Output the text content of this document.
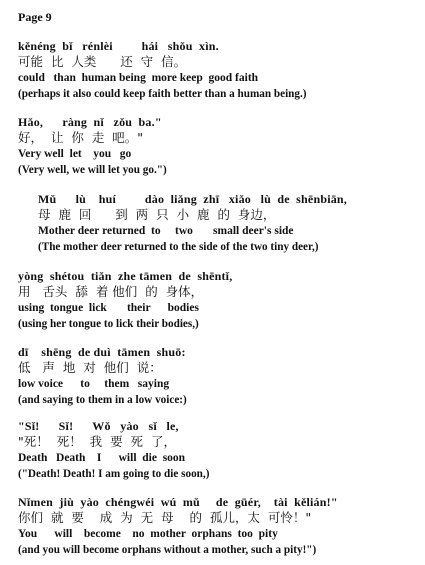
Page 9
kěnéng  bǐ   rénlèi         hái   shǒu  xìn.
可能  比  人类      还  守  信。
could   than  human being  more keep  good faith
(perhaps it also could keep faith better than a human being.)
Hǎo,      ràng  nǐ   zǒu  ba."
好，  让  你  走  吧。"
Very well  let    you   go
(Very well, we will let you go.")
Mǔ      lù    huí         dào  liǎng  zhī   xiǎo   lù  de  shēnbiān,
母  鹿  回      到  两  只  小  鹿  的  身边，
Mother deer returned  to     two       small deer's side
(The mother deer returned to the side of the two tiny deer,)
yòng  shétou  tiǎn  zhe tāmen  de  shēntǐ,
用   舌头  舔  着 他们  的  身体，
using  tongue  lick       their      bodies
(using her tongue to lick their bodies,)
dī    shēng  de duì  tāmen  shuō:
低   声  地  对  他们  说：
low voice      to     them   saying
(and saying to them in a low voice:)
"Sǐ!      Sǐ!      Wǒ   yào   sǐ   le,
"死！  死！  我  要  死  了，
Death   Death    I      will  die  soon
("Death! Death! I am going to die soon,)
Nǐmen  jiù  yào  chéngwéi  wú  mǔ     de  gūér,    tài  kělián!"
你们  就  要    成  为  无  母    的  孤儿，太  可怜！"
You      will    become    no  mother  orphans  too  pity
(and you will become orphans without a mother, such a pity!")
